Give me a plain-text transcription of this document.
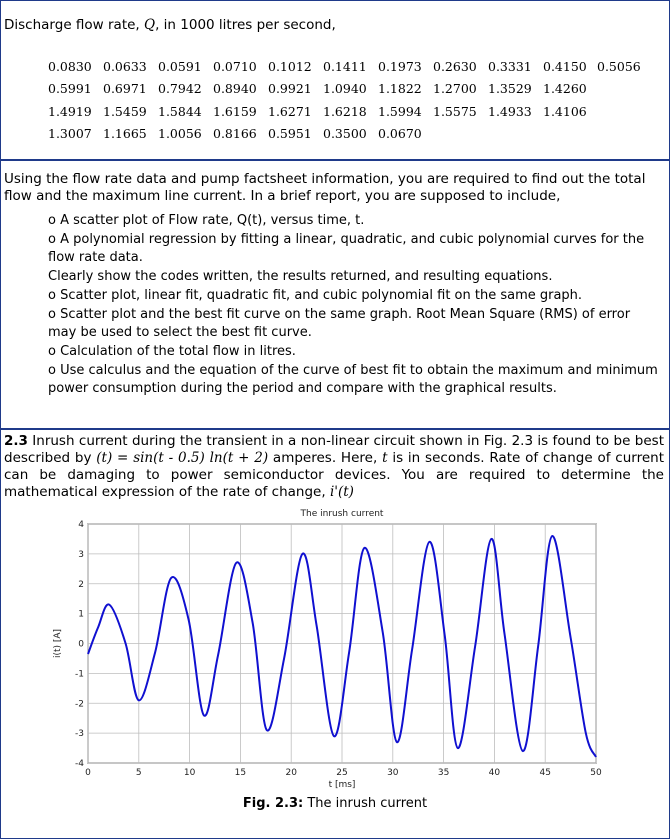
Discharge flow rate, Q, in 1000 litres per second,
0.0830 0.0633 0.0591 0.0710 0.1012 0.1411 0.1973 0.2630 0.3331 0.4150 0.5056
0.5991 0.6971 0.7942 0.8940 0.9921 1.0940 1.1822 1.2700 1.3529 1.4260
1.4919 1.5459 1.5844 1.6159 1.6271 1.6218 1.5994 1.5575 1.4933 1.4106
1.3007 1.1665 1.0056 0.8166 0.5951 0.3500 0.0670
Using the flow rate data and pump factsheet information, you are required to find out the total flow and the maximum line current. In a brief report, you are supposed to include,
o A scatter plot of Flow rate, Q(t), versus time, t.
o A polynomial regression by fitting a linear, quadratic, and cubic polynomial curves for the flow rate data.
Clearly show the codes written, the results returned, and resulting equations.
o Scatter plot, linear fit, quadratic fit, and cubic polynomial fit on the same graph.
o Scatter plot and the best fit curve on the same graph. Root Mean Square (RMS) of error may be used to select the best fit curve.
o Calculation of the total flow in litres.
o Use calculus and the equation of the curve of best fit to obtain the maximum and minimum power consumption during the period and compare with the graphical results.
2.3 Inrush current during the transient in a non-linear circuit shown in Fig. 2.3 is found to be best described by (t) = sin(t - 0.5) ln(t + 2) amperes. Here, t is in seconds. Rate of change of current can be damaging to power semiconductor devices. You are required to determine the mathematical expression of the rate of change, i'(t)
0	5	10	15	20	25	30	35	40	45	50
-4
-3
-2
-1
0
1
2
3
4
The inrush current
t [ms]
i(t) [A]
Fig. 2.3: The inrush current
